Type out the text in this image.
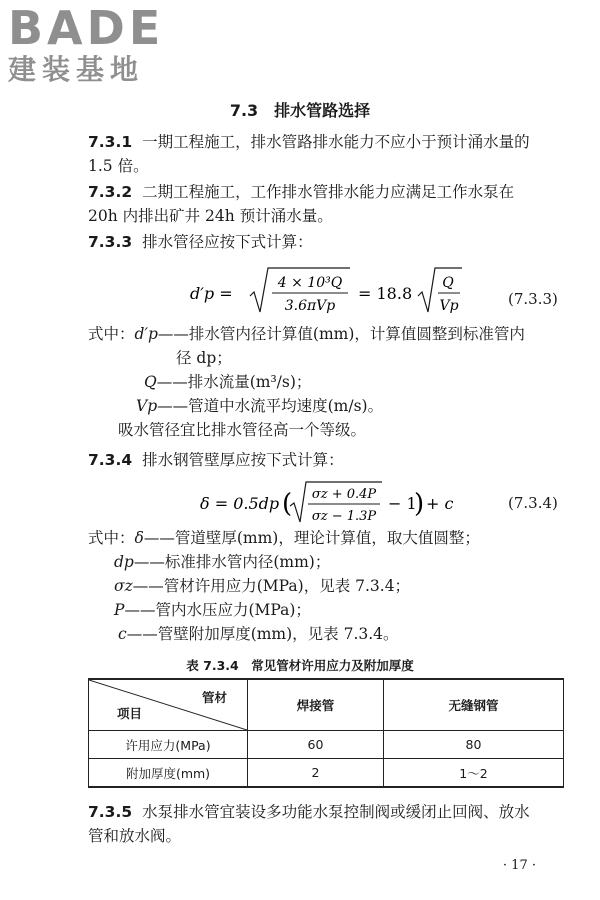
BADE
建装基地
7.3　排水管路选择
7.3.1 一期工程施工，排水管路排水能力不应小于预计涌水量的
1.5 倍。
7.3.2 二期工程施工，工作排水管排水能力应满足工作水泵在
20h 内排出矿井 24h 预计涌水量。
7.3.3 排水管径应按下式计算：
d′p =
4 × 10³Q
3.6πVp
= 18.8
Q
Vp	(7.3.3)
式中：d′p——排水管内径计算值(mm)，计算值圆整到标准管内
径 dp；
Q——排水流量(m³/s)；
Vp——管道中水流平均速度(m/s)。
吸水管径宜比排水管径高一个等级。
7.3.4 排水钢管壁厚应按下式计算：
δ = 0.5dp ( σz + 0.4P
σz − 1.3P
− 1
) + c	(7.3.4)
式中：δ——管道壁厚(mm)，理论计算值，取大值圆整；
dp——标准排水管内径(mm)；
σz——管材许用应力(MPa)，见表 7.3.4；
P——管内水压应力(MPa)；
c——管壁附加厚度(mm)，见表 7.3.4。
表 7.3.4　常见管材许用应力及附加厚度
管材
项目	焊接管	无缝钢管
许用应力(MPa)	60	80
附加厚度(mm)	2	1～2
7.3.5 水泵排水管宜装设多功能水泵控制阀或缓闭止回阀、放水
管和放水阀。
· 17 ·
